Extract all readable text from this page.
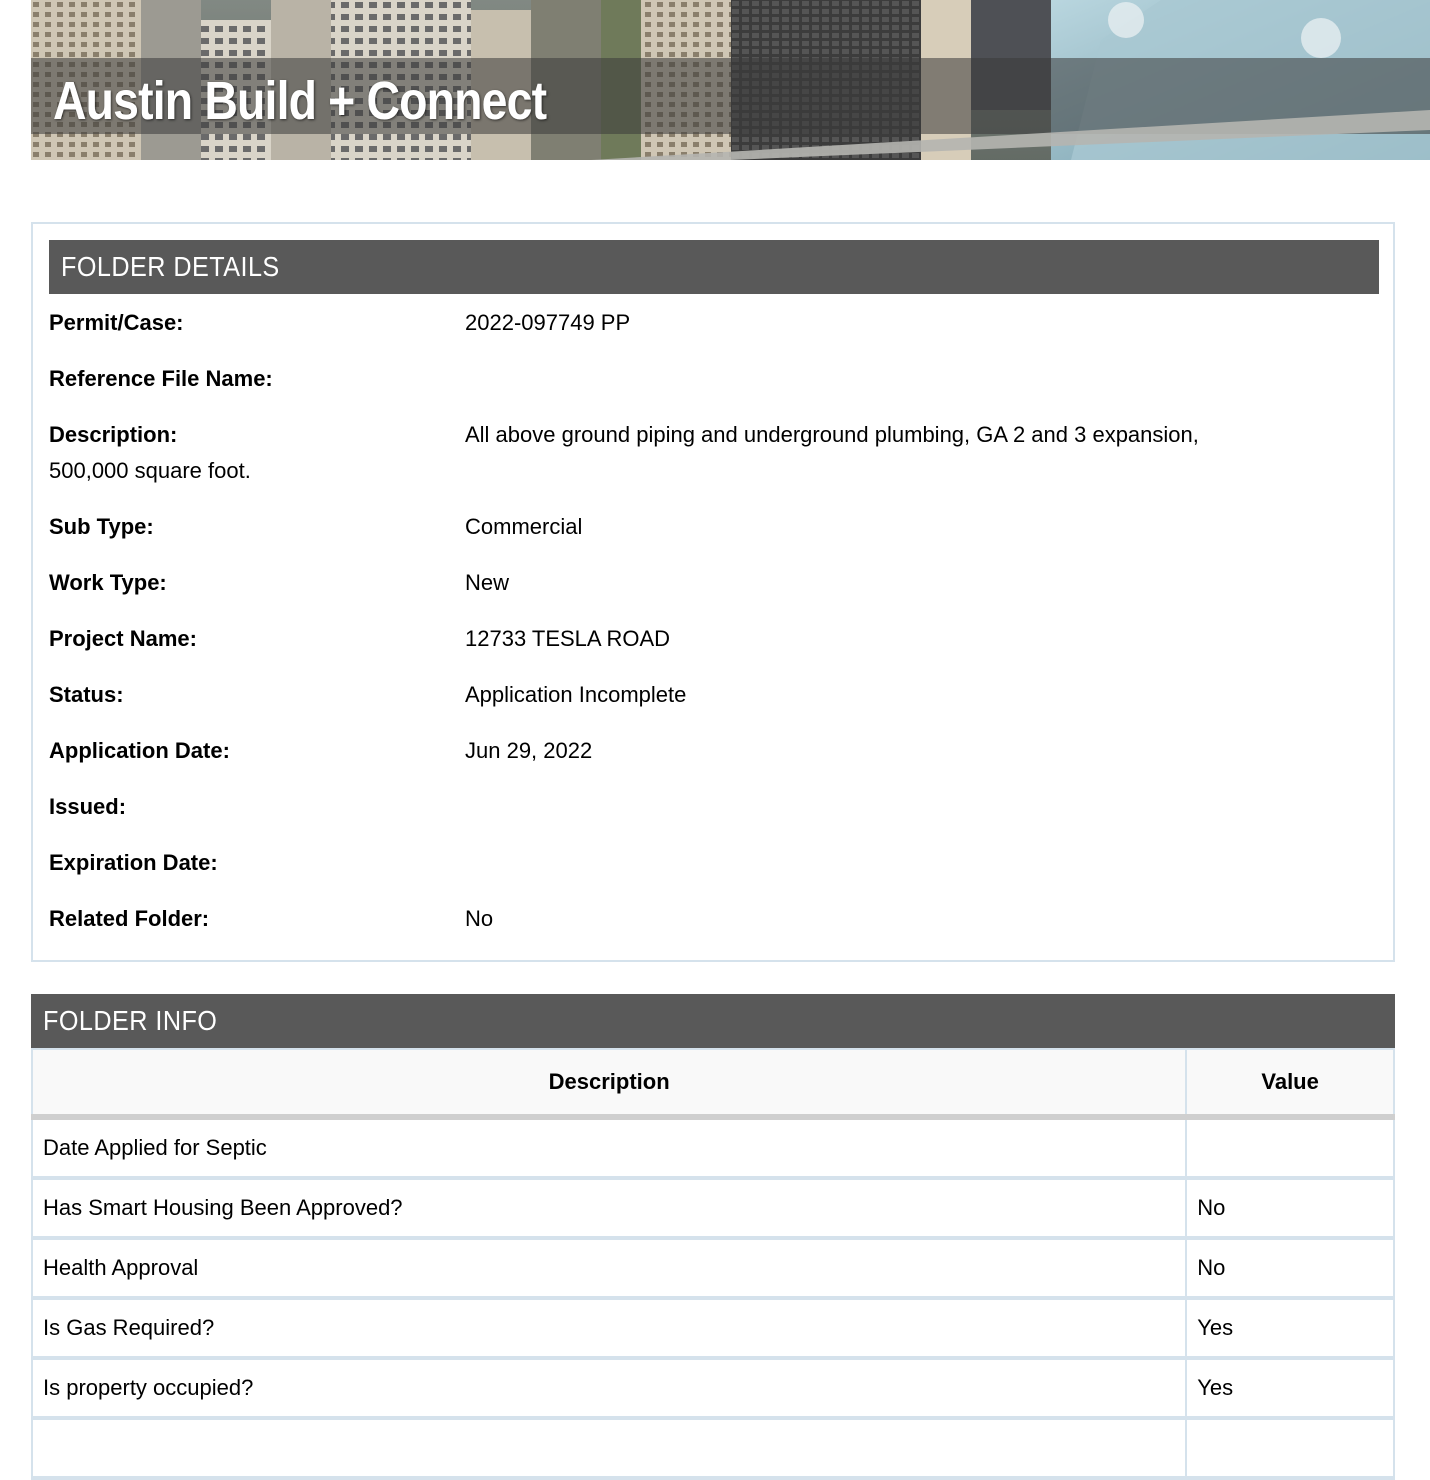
Austin Build + Connect
FOLDER DETAILS
Permit/Case:	2022-097749 PP
Reference File Name:
Description:	All above ground piping and underground plumbing, GA 2 and 3 expansion,
500,000 square foot.
Sub Type:	Commercial
Work Type:	New
Project Name:	12733 TESLA ROAD
Status:	Application Incomplete
Application Date:	Jun 29, 2022
Issued:
Expiration Date:
Related Folder:	No
FOLDER INFO
Description	Value
Date Applied for Septic	
Has Smart Housing Been Approved?	No
Health Approval	No
Is Gas Required?	Yes
Is property occupied?	Yes
